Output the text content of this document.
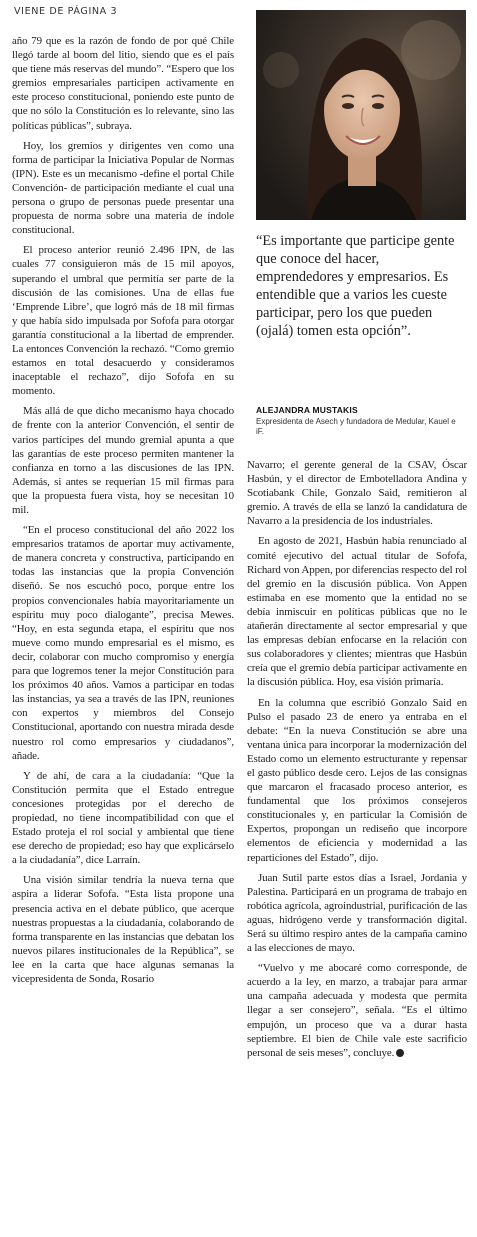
VIENE DE PÁGINA 3

año 79 que es la razón de fondo de por qué Chile llegó tarde al boom del litio, siendo que es el país que tiene más reservas del mundo”. “Espero que los gremios empresariales participen activamente en este proceso constitucional, poniendo este punto de que no sólo la Constitución es lo relevante, sino las políticas públicas”, subraya.

Hoy, los gremios y dirigentes ven como una forma de participar la Iniciativa Popular de Normas (IPN). Este es un mecanismo -define el portal Chile Convención- de participación mediante el cual una persona o grupo de personas puede presentar una propuesta de norma sobre una materia de índole constitucional.

El proceso anterior reunió 2.496 IPN, de las cuales 77 consiguieron más de 15 mil apoyos, superando el umbral que permitía ser parte de la discusión de las comisiones. Una de ellas fue ‘Emprende Libre’, que logró más de 18 mil firmas y que había sido impulsada por Sofofa para otorgar garantía constitucional a la libertad de emprender. La entonces Convención la rechazó. “Como gremio estamos en total desacuerdo y consideramos inaceptable el rechazo”, dijo Sofofa en su momento.

Más allá de que dicho mecanismo haya chocado de frente con la anterior Convención, el sentir de varios partícipes del mundo gremial apunta a que las garantías de este proceso permiten mantener la confianza en torno a las discusiones de las IPN. Además, si antes se requerían 15 mil firmas para que la propuesta fuera vista, hoy se necesitan 10 mil.

“En el proceso constitucional del año 2022 los empresarios tratamos de aportar muy activamente, de manera concreta y constructiva, participando en todas las instancias que la propia Convención diseñó. Se nos escuchó poco, porque entre los propios convencionales había mayoritariamente un espíritu muy poco dialogante”, precisa Mewes. “Hoy, en esta segunda etapa, el espíritu que nos mueve como mundo empresarial es el mismo, es decir, colaborar con mucho compromiso y energía para que logremos tener la mejor Constitución para los próximos 40 años. Vamos a participar en todas las instancias, ya sea a través de las IPN, reuniones con expertos y miembros del Consejo Constitucional, aportando con nuestra mirada desde nuestro rol como empresarios y ciudadanos”, añade.

Y de ahí, de cara a la ciudadanía: “Que la Constitución permita que el Estado entregue concesiones protegidas por el derecho de propiedad, no tiene incompatibilidad con que el Estado proteja el rol social y ambiental que tiene ese derecho de propiedad; eso hay que explicárselo a la ciudadanía”, dice Larraín.

Una visión similar tendría la nueva terna que aspira a liderar Sofofa. “Esta lista propone una presencia activa en el debate público, que acerque nuestras propuestas a la ciudadanía, colaborando de forma transparente en las instancias que debatan los nuevos pilares institucionales de la República”, se lee en la carta que hace algunas semanas la vicepresidenta de Sonda, Rosario

“Es importante que participe gente que conoce del hacer, emprendedores y empresarios. Es entendible que a varios les cueste participar, pero los que pueden (ojalá) tomen esta opción”.
ALEJANDRA MUSTAKIS
Expresidenta de Asech y fundadora de Medular, Kauel e iF.

Navarro; el gerente general de la CSAV, Óscar Hasbún, y el director de Embotelladora Andina y Scotiabank Chile, Gonzalo Said, remitieron al gremio. A través de ella se lanzó la candidatura de Navarro a la presidencia de los industriales.

En agosto de 2021, Hasbún había renunciado al comité ejecutivo del actual titular de Sofofa, Richard von Appen, por diferencias respecto del rol del gremio en la discusión pública. Von Appen estimaba en ese momento que la entidad no se debía inmiscuir en políticas públicas que no le atañerán directamente al sector empresarial y que las empresas debían enfocarse en la relación con sus colaboradores y clientes; mientras que Hasbún creía que el gremio debía participar activamente en la discusión pública. Hoy, esa visión primaría.

En la columna que escribió Gonzalo Said en Pulso el pasado 23 de enero ya entraba en el debate: “En la nueva Constitución se abre una ventana única para incorporar la modernización del Estado como un elemento estructurante y repensar el gasto público desde cero. Lejos de las consignas que marcaron el fracasado proceso anterior, es fundamental que los próximos consejeros constitucionales y, en particular la Comisión de Expertos, propongan un rediseño que incorpore elementos de eficiencia y modernidad a las reparticiones del Estado”, dijo.

Juan Sutil parte estos días a Israel, Jordania y Palestina. Participará en un programa de trabajo en robótica agrícola, agroindustrial, purificación de las aguas, hidrógeno verde y transformación digital. Será su último respiro antes de la campaña camino a las elecciones de mayo.

“Vuelvo y me abocaré como corresponde, de acuerdo a la ley, en marzo, a trabajar para armar una campaña adecuada y modesta que permita llegar a ser consejero”, señala. “Es el último empujón, un proceso que va a durar hasta septiembre. El bien de Chile vale este sacrificio personal de seis meses”, concluye.
